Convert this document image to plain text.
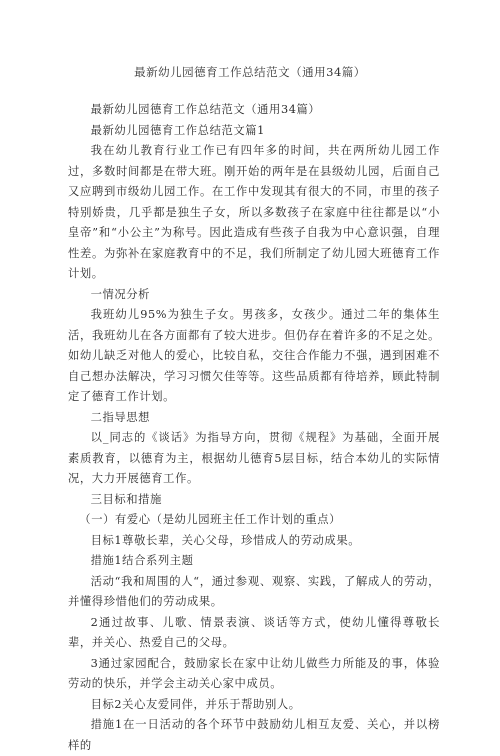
最新幼儿园德育工作总结范文（通用34篇）

最新幼儿园德育工作总结范文（通用34篇）

最新幼儿园德育工作总结范文篇1

我在幼儿教育行业工作已有四年多的时间，共在两所幼儿园工作过，多数时间都是在带大班。刚开始的两年是在县级幼儿园，后面自己又应聘到市级幼儿园工作。在工作中发现其有很大的不同，市里的孩子特别娇贵，几乎都是独生子女，所以多数孩子在家庭中往往都是以“小皇帝”和“小公主”为称号。因此造成有些孩子自我为中心意识强，自理性差。为弥补在家庭教育中的不足，我们所制定了幼儿园大班德育工作计划。

一情况分析

我班幼儿95%为独生子女。男孩多，女孩少。通过二年的集体生活，我班幼儿在各方面都有了较大进步。但仍存在着许多的不足之处。如幼儿缺乏对他人的爱心，比较自私，交往合作能力不强，遇到困难不自己想办法解决，学习习惯欠佳等等。这些品质都有待培养，顾此特制定了德育工作计划。

二指导思想

以_同志的《谈话》为指导方向，贯彻《规程》为基础，全面开展素质教育，以德育为主，根据幼儿德育5层目标，结合本幼儿的实际情况，大力开展德育工作。

三目标和措施

（一）有爱心（是幼儿园班主任工作计划的重点）

目标1尊敬长辈，关心父母，珍惜成人的劳动成果。

措施1结合系列主题

活动“我和周围的人“，通过参观、观察、实践，了解成人的劳动，并懂得珍惜他们的劳动成果。

2通过故事、儿歌、情景表演、谈话等方式，使幼儿懂得尊敬长辈，并关心、热爱自己的父母。

3通过家园配合，鼓励家长在家中让幼儿做些力所能及的事，体验劳动的快乐，并学会主动关心家中成员。

目标2关心友爱同伴，并乐于帮助别人。

措施1在一日活动的各个环节中鼓励幼儿相互友爱、关心，并以榜样的
